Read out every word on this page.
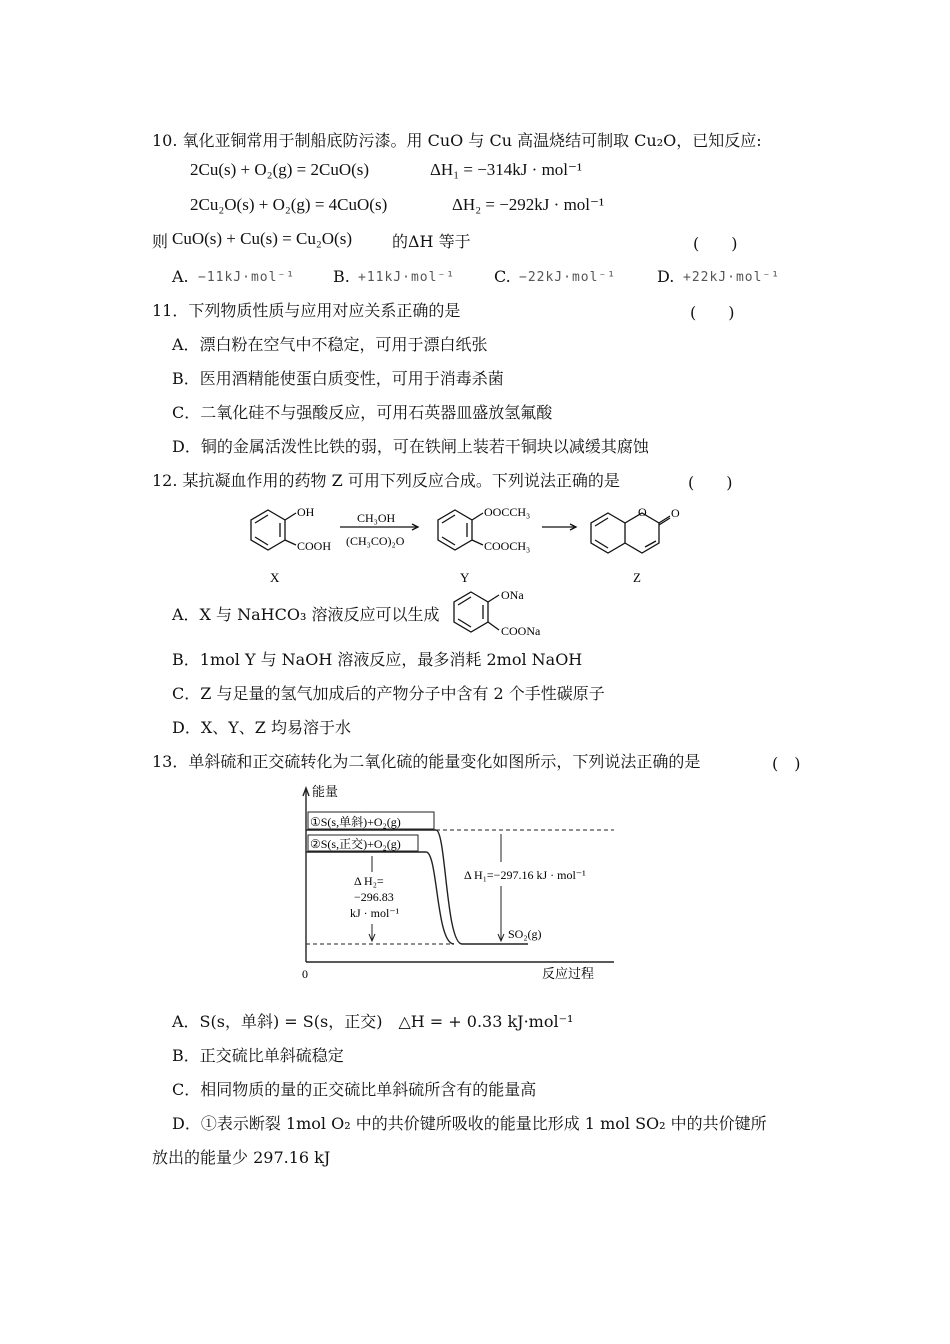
10. 氧化亚铜常用于制船底防污漆。用 CuO 与 Cu 高温烧结可制取 Cu₂O，已知反应:
2Cu(s) + O₂(g) = 2CuO(s)	ΔH₁ = −314kJ · mol⁻¹
2Cu₂O(s) + O₂(g) = 4CuO(s)	ΔH₂ = −292kJ · mol⁻¹
则 CuO(s) + Cu(s) = Cu₂O(s)	的ΔH 等于	(　　)
A. −11kJ·mol⁻¹ B. +11kJ·mol⁻¹ C. −22kJ·mol⁻¹	D. +22kJ·mol⁻¹
11．下列物质性质与应用对应关系正确的是	(　　)
A．漂白粉在空气中不稳定，可用于漂白纸张
B．医用酒精能使蛋白质变性，可用于消毒杀菌
C．二氧化硅不与强酸反应，可用石英器皿盛放氢氟酸
D．铜的金属活泼性比铁的弱，可在铁闸上装若干铜块以减缓其腐蚀
12. 某抗凝血作用的药物 Z 可用下列反应合成。下列说法正确的是	(　　)
OH
COOH
CH₃OH
(CH₃CO)₂O
OOCCH₃
COOCH₃
O O
X	Y	Z
A．X 与 NaHCO₃ 溶液反应可以生成
ONa
COONa
B．1mol Y 与 NaOH 溶液反应，最多消耗 2mol NaOH
C．Z 与足量的氢气加成后的产物分子中含有 2 个手性碳原子
D．X、Y、Z 均易溶于水
13．单斜硫和正交硫转化为二氧化硫的能量变化如图所示，下列说法正确的是	(　)
能量
①S(s,单斜)+O₂(g)
②S(s,正交)+O₂(g)
Δ H₂=
−296.83
kJ · mol⁻¹
Δ H₁=−297.16 kJ · mol⁻¹
SO₂(g)
0	反应过程
A．S(s，单斜) = S(s，正交)　△H = + 0.33 kJ·mol⁻¹
B．正交硫比单斜硫稳定
C．相同物质的量的正交硫比单斜硫所含有的能量高
D．①表示断裂 1mol O₂ 中的共价键所吸收的能量比形成 1 mol SO₂ 中的共价键所
放出的能量少 297.16 kJ
